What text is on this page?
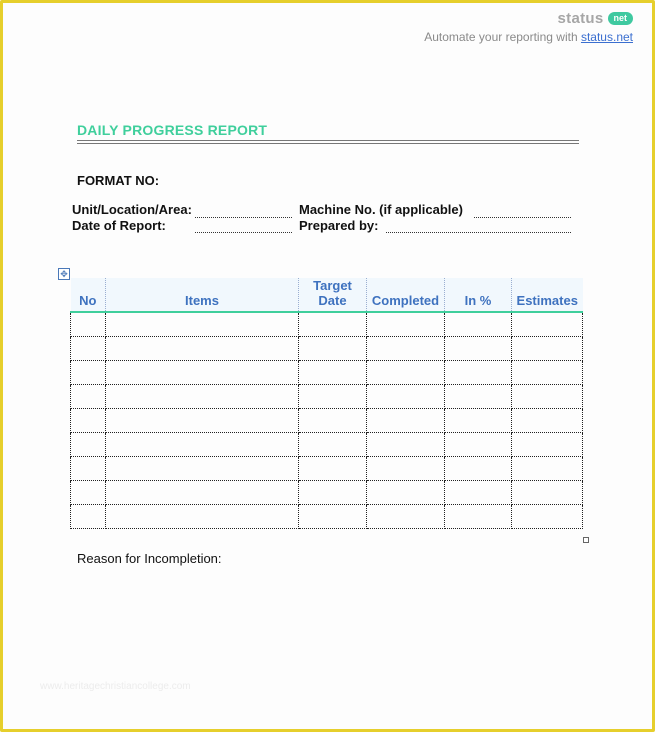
status	net
Automate your reporting with status.net
DAILY PROGRESS REPORT
FORMAT NO:
Unit/Location/Area:	Machine No. (if applicable)
Date of Report:	Prepared by:
✥
No	Items	Target Date	Completed	In %	Estimates

Reason for Incompletion:
www.heritagechristiancollege.com
